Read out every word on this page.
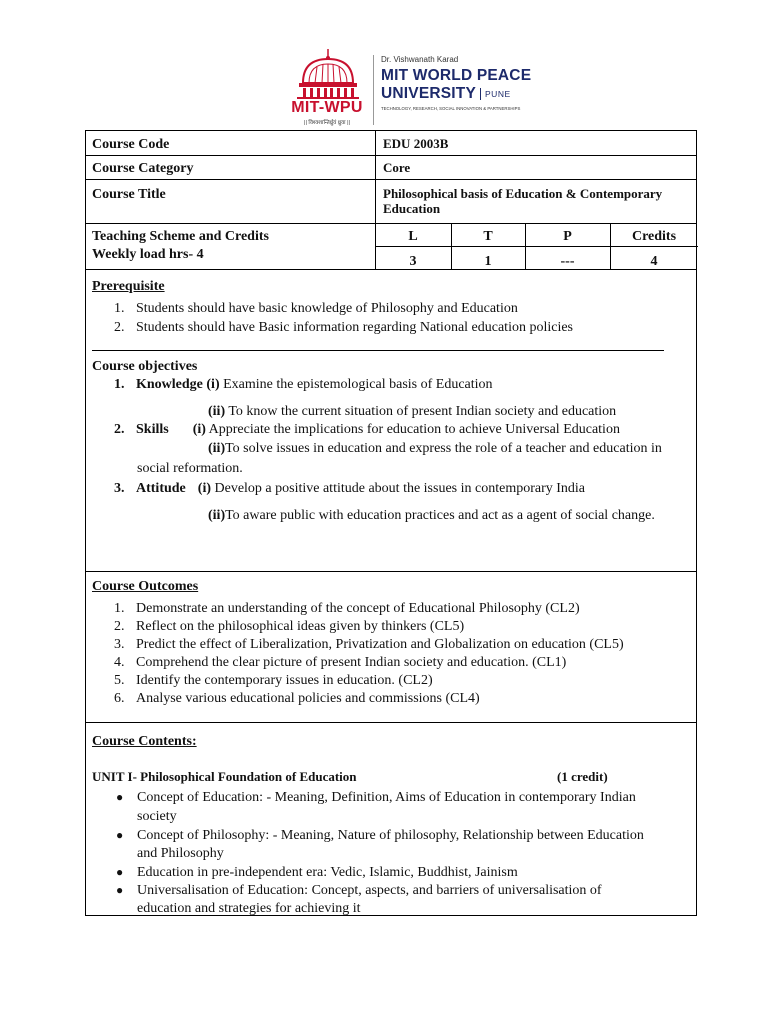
MIT-WPU
|| विश्वशान्तिर्ध्रुवं ध्रुवा ||
Dr. Vishwanath Karad
MIT WORLD PEACE
UNIVERSITY PUNE
TECHNOLOGY, RESEARCH, SOCIAL INNOVATION & PARTNERSHIPS
Course Code	EDU 2003B
Course Category	Core
Course Title	Philosophical basis of Education & Contemporary Education
Teaching Scheme and Credits
Weekly load hrs- 4
L	T	P	Credits
3	1	---	4
Prerequisite
1. Students should have basic knowledge of Philosophy and Education
2. Students should have Basic information regarding National education policies
Course objectives
1. Knowledge (i) Examine the epistemological basis of Education
(ii) To know the current situation of present Indian society and education
2. Skills (i) Appreciate the implications for education to achieve Universal Education
(ii)To solve issues in education and express the role of a teacher and education in
social reformation.
3. Attitude (i) Develop a positive attitude about the issues in contemporary India
(ii)To aware public with education practices and act as a agent of social change.
Course Outcomes
1. Demonstrate an understanding of the concept of Educational Philosophy (CL2)
2. Reflect on the philosophical ideas given by thinkers (CL5)
3. Predict the effect of Liberalization, Privatization and Globalization on education (CL5)
4. Comprehend the clear picture of present Indian society and education. (CL1)
5. Identify the contemporary issues in education. (CL2)
6. Analyse various educational policies and commissions (CL4)
Course Contents:
UNIT I- Philosophical Foundation of Education	(1 credit)
● Concept of Education: - Meaning, Definition, Aims of Education in contemporary Indian
society
● Concept of Philosophy: - Meaning, Nature of philosophy, Relationship between Education
and Philosophy
● Education in pre-independent era: Vedic, Islamic, Buddhist, Jainism
● Universalisation of Education: Concept, aspects, and barriers of universalisation of
education and strategies for achieving it
